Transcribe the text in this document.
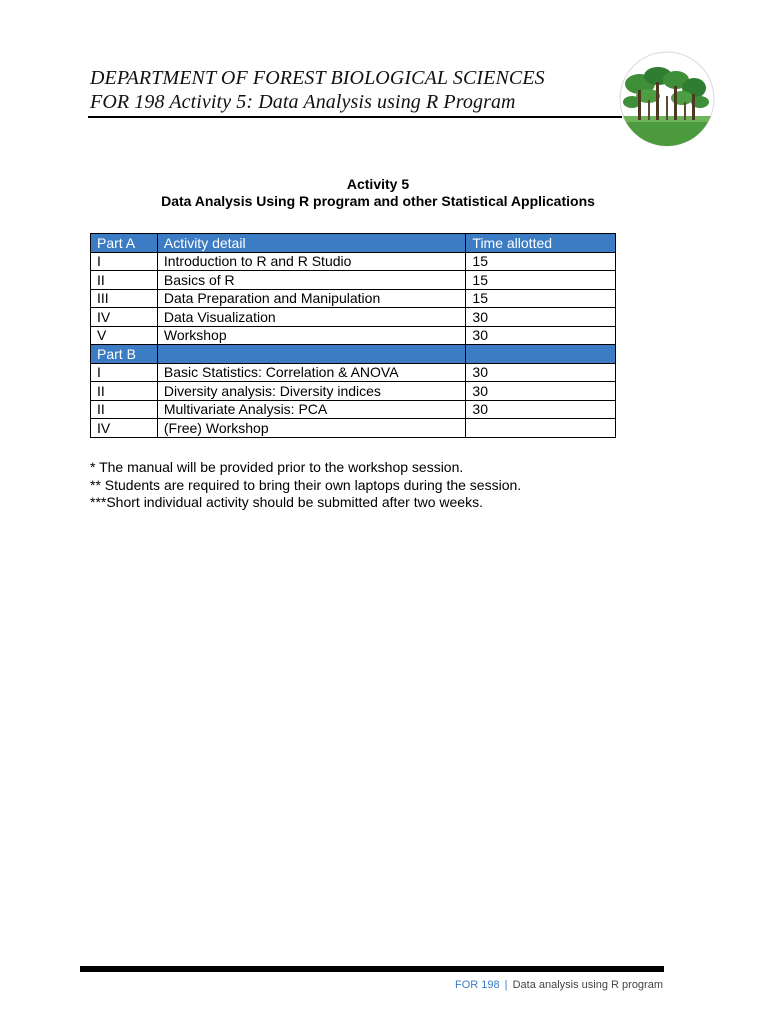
DEPARTMENT OF FOREST BIOLOGICAL SCIENCES
FOR 198 Activity 5: Data Analysis using R Program
Activity 5
Data Analysis Using R program and other Statistical Applications
Part A	Activity detail	Time allotted
I	Introduction to R and R Studio	15
II	Basics of R	15
III	Data Preparation and Manipulation	15
IV	Data Visualization	30
V	Workshop	30
Part B		
I	Basic Statistics: Correlation & ANOVA	30
II	Diversity analysis: Diversity indices	30
II	Multivariate Analysis: PCA	30
IV	(Free) Workshop	
* The manual will be provided prior to the workshop session.
** Students are required to bring their own laptops during the session.
***Short individual activity should be submitted after two weeks.
FOR 198 | Data analysis using R program
